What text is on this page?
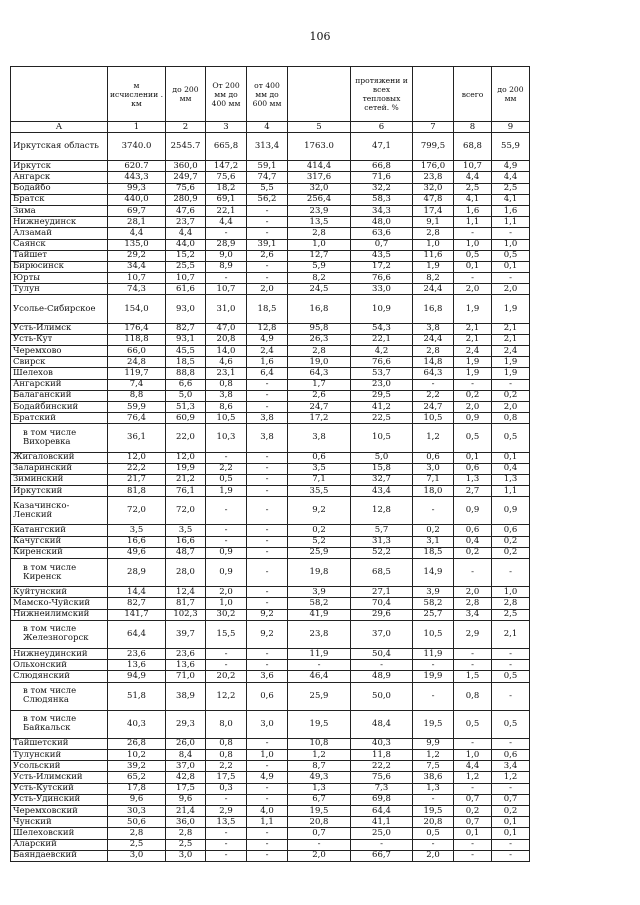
106
	м исчислении . км	до 200 мм	От 200 мм до 400 мм	от 400 мм до 600 мм		протяжени и всех тепловых сетей. %		всего	до 200 мм
А	1	2	3	4	5	6	7	8	9
Иркутская область	3740.0	2545.7	665,8	313,4	1763.0	47,1	799,5	68,8	55,9
Иркутск	620.7	360,0	147,2	59,1	414,4	66,8	176,0	10,7	4,9
Ангарск	443,3	249,7	75,6	74,7	317,6	71,6	23,8	4,4	4,4
Бодайбо	99,3	75,6	18,2	5,5	32,0	32,2	32,0	2,5	2,5
Братск	440,0	280,9	69,1	56,2	256,4	58,3	47,8	4,1	4,1
Зима	69,7	47,6	22,1	-	23,9	34,3	17,4	1,6	1,6
Нижнеудинск	28,1	23,7	4,4	-	13,5	48,0	9,1	1,1	1,1
Алзамай	4,4	4,4	-	-	2,8	63,6	2,8	-	-
Саянск	135,0	44,0	28,9	39,1	1,0	0,7	1,0	1,0	1,0
Тайшет	29,2	15,2	9,0	2,6	12,7	43,5	11,6	0,5	0,5
Бирюсинск	34,4	25,5	8,9	-	5,9	17,2	1,9	0,1	0,1
Юрты	10,7	10,7	-	-	8,2	76,6	8,2	-	-
Тулун	74,3	61,6	10,7	2,0	24,5	33,0	24,4	2,0	2,0
Усолье-Сибирское	154,0	93,0	31,0	18,5	16,8	10,9	16,8	1,9	1,9
Усть-Илимск	176,4	82,7	47,0	12,8	95,8	54,3	3,8	2,1	2,1
Усть-Кут	118,8	93,1	20,8	4,9	26,3	22,1	24,4	2,1	2,1
Черемхово	66,0	45,5	14,0	2,4	2,8	4,2	2,8	2,4	2,4
Свирск	24,8	18,5	4,6	1,6	19,0	76,6	14,8	1,9	1,9
Шелехов	119,7	88,8	23,1	6,4	64,3	53,7	64,3	1,9	1,9
Ангарский	7,4	6,6	0,8	-	1,7	23,0	-	-	-
Балаганский	8,8	5,0	3,8	-	2,6	29,5	2,2	0,2	0,2
Бодайбинский	59,9	51,3	8,6	-	24,7	41,2	24,7	2,0	2,0
Братский	76,4	60,9	10,5	3,8	17,2	22,5	10,5	0,9	0,8
в том числе Вихоревка	36,1	22,0	10,3	3,8	3,8	10,5	1,2	0,5	0,5
Жигаловский	12,0	12,0	-	-	0,6	5,0	0,6	0,1	0,1
Заларинский	22,2	19,9	2,2	-	3,5	15,8	3,0	0,6	0,4
Зиминский	21,7	21,2	0,5	-	7,1	32,7	7,1	1,3	1,3
Иркутский	81,8	76,1	1,9	-	35,5	43,4	18,0	2,7	1,1
Казачинско-Ленский	72,0	72,0	-	-	9,2	12,8	-	0,9	0,9
Катангский	3,5	3,5	-	-	0,2	5,7	0,2	0,6	0,6
Качугский	16,6	16,6	-	-	5,2	31,3	3,1	0,4	0,2
Киренский	49,6	48,7	0,9	-	25,9	52,2	18,5	0,2	0,2
в том числе Киренск	28,9	28,0	0,9	-	19,8	68,5	14,9	-	-
Куйтунский	14,4	12,4	2,0	-	3,9	27,1	3,9	2,0	1,0
Мамско-Чуйский	82,7	81,7	1,0	-	58,2	70,4	58,2	2,8	2,8
Нижнеилимский	141,7	102,3	30,2	9,2	41,9	29,6	25,7	3,4	2,5
в том числе Железногорск	64,4	39,7	15,5	9,2	23,8	37,0	10,5	2,9	2,1
Нижнеудинский	23,6	23,6	-	-	11,9	50,4	11,9	-	-
Ольхонский	13,6	13,6	-	-	-	-	-	-	-
Слюдянский	94,9	71,0	20,2	3,6	46,4	48,9	19,9	1,5	0,5
в том числе Слюдянка	51,8	38,9	12,2	0,6	25,9	50,0	-	0,8	-
в том числе Байкальск	40,3	29,3	8,0	3,0	19,5	48,4	19,5	0,5	0,5
Тайшетский	26,8	26,0	0,8	-	10,8	40,3	9,9	-	-
Тулунский	10,2	8,4	0,8	1,0	1,2	11,8	1,2	1,0	0,6
Усольский	39,2	37,0	2,2	-	8,7	22,2	7,5	4,4	3,4
Усть-Илимский	65,2	42,8	17,5	4,9	49,3	75,6	38,6	1,2	1,2
Усть-Кутский	17,8	17,5	0,3	-	1,3	7,3	1,3	-	-
Усть-Удинский	9,6	9,6	-	-	6,7	69,8	-	0,7	0,7
Черемховский	30,3	21,4	2,9	4,0	19,5	64,4	19,5	0,2	0,2
Чунский	50,6	36,0	13,5	1,1	20,8	41,1	20,8	0,7	0,1
Шелеховский	2,8	2,8	-	-	0,7	25,0	0,5	0,1	0,1
Аларский	2,5	2,5	-	-	-	-	-	-	-
Баяндаевский	3,0	3,0	-	-	2,0	66,7	2,0	-	-
